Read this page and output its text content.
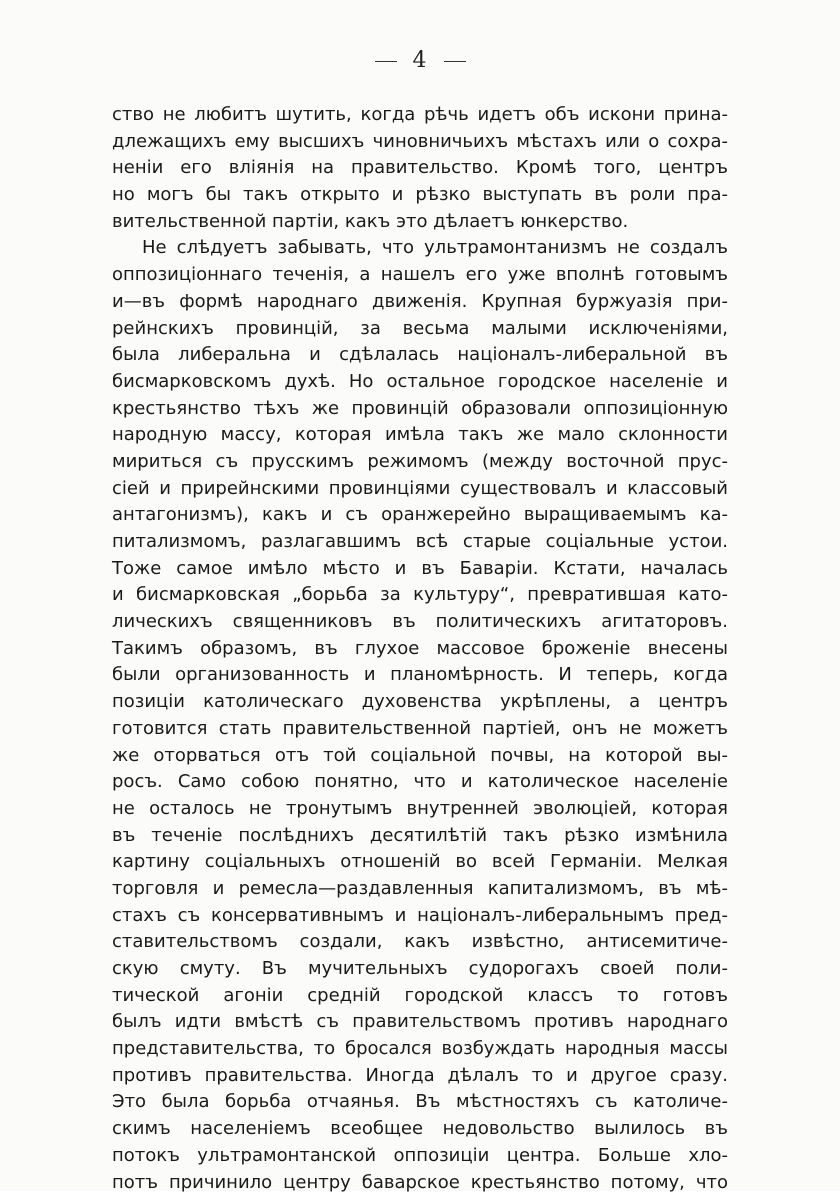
4
ство не любитъ шутить, когда рѣчь идетъ объ искони прина-
длежащихъ ему высшихъ чиновничьихъ мѣстахъ или о сохра-
неніи его вліянія на правительство. Кромѣ того, центръ
но могъ бы такъ открыто и рѣзко выступать въ роли пра-
вительственной партіи, какъ это дѣлаетъ юнкерство.
Не слѣдуетъ забывать, что ультрамонтанизмъ не создалъ
оппозиціоннаго теченія, а нашелъ его уже вполнѣ готовымъ
и—въ формѣ народнаго движенія. Крупная буржуазія при-
рейнскихъ провинцій, за весьма малыми исключеніями,
была либеральна и сдѣлалась націоналъ-либеральной въ
бисмарковскомъ духѣ. Но остальное городское населеніе и
крестьянство тѣхъ же провинцій образовали оппозиціонную
народную массу, которая имѣла такъ же мало склонности
мириться съ прусскимъ режимомъ (между восточной прус-
сіей и прирейнскими провинціями существовалъ и классовый
антагонизмъ), какъ и съ оранжерейно выращиваемымъ ка-
питализмомъ, разлагавшимъ всѣ старые соціальные устои.
Тоже самое имѣло мѣсто и въ Баваріи. Кстати, началась
и бисмарковская „борьба за культуру“, превратившая като-
лическихъ священниковъ въ политическихъ агитаторовъ.
Такимъ образомъ, въ глухое массовое броженіе внесены
были организованность и планомѣрность. И теперь, когда
позиціи католическаго духовенства укрѣплены, а центръ
готовится стать правительственной партіей, онъ не можетъ
же оторваться отъ той соціальной почвы, на которой вы-
росъ. Само собою понятно, что и католическое населеніе
не осталось не тронутымъ внутренней эволюціей, которая
въ теченіе послѣднихъ десятилѣтій такъ рѣзко измѣнила
картину соціальныхъ отношеній во всей Германіи. Мелкая
торговля и ремесла—раздавленныя капитализмомъ, въ мѣ-
стахъ съ консервативнымъ и націоналъ-либеральнымъ пред-
ставительствомъ создали, какъ извѣстно, антисемитиче-
скую смуту. Въ мучительныхъ судорогахъ своей поли-
тической агоніи средній городской классъ то готовъ
былъ идти вмѣстѣ съ правительствомъ противъ народнаго
представительства, то бросался возбуждать народныя массы
противъ правительства. Иногда дѣлалъ то и другое сразу.
Это была борьба отчаянья. Въ мѣстностяхъ съ католиче-
скимъ населеніемъ всеобщее недовольство вылилось въ
потокъ ультрамонтанской оппозиціи центра. Больше хло-
потъ причинило центру баварское крестьянство потому, что
